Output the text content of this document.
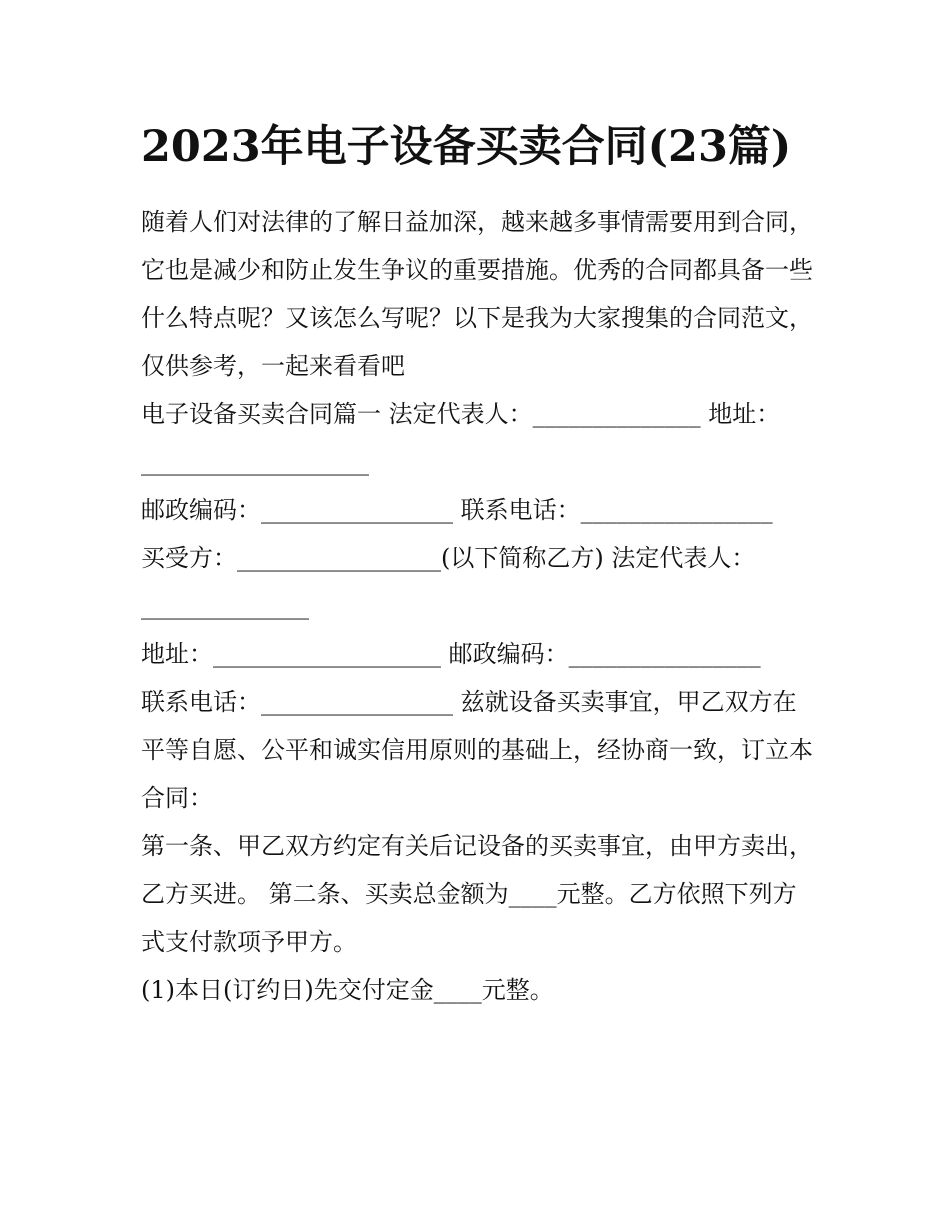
2023年电子设备买卖合同(23篇)

随着人们对法律的了解日益加深，越来越多事情需要用到合同，它也是减少和防止发生争议的重要措施。优秀的合同都具备一些什么特点呢？又该怎么写呢？以下是我为大家搜集的合同范文，仅供参考，一起来看看吧

电子设备买卖合同篇一 法定代表人：______________ 地址：___________________

邮政编码：________________ 联系电话：________________

买受方：_________________(以下简称乙方) 法定代表人：______________

地址：___________________ 邮政编码：________________

联系电话：________________ 兹就设备买卖事宜，甲乙双方在平等自愿、公平和诚实信用原则的基础上，经协商一致，订立本合同：

第一条、甲乙双方约定有关后记设备的买卖事宜，由甲方卖出，乙方买进。 第二条、买卖总金额为____元整。乙方依照下列方式支付款项予甲方。

(1)本日(订约日)先交付定金____元整。
